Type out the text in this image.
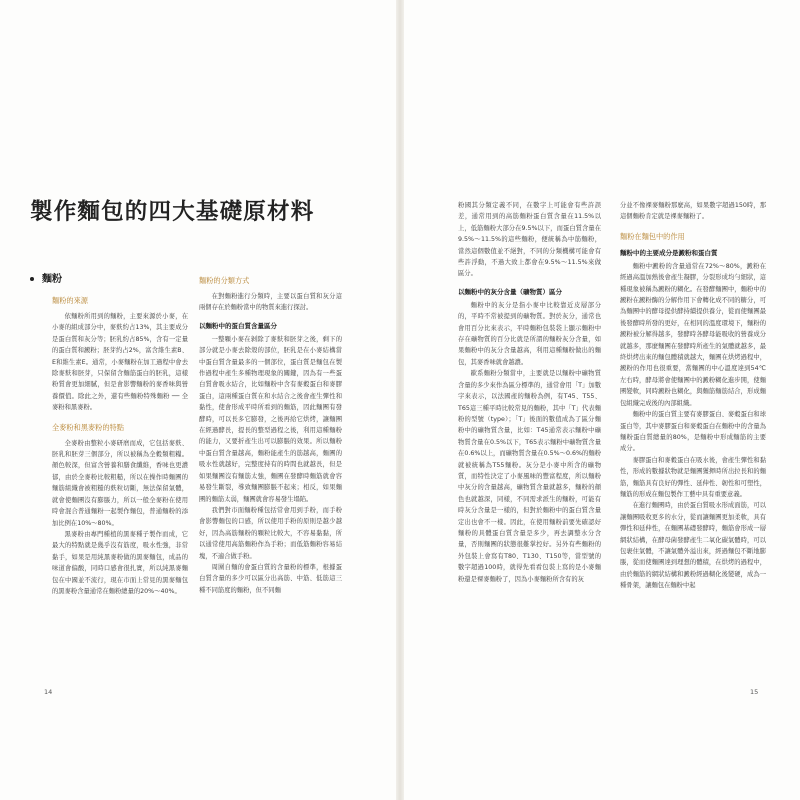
製作麵包的四大基礎原材料
麵粉
麵粉的來源

依麵粉所用到的麵粉，主要來源於小麥，在小麥的組成部分中，麥麩約占13%，其主要成分是蛋白質和灰分等；胚乳約占85%，含有一定量的蛋白質和澱粉；胚芽約占2%，富含維生素B、E和維生素E。通常，小麥麵粉在加工過程中會去除麥麩和胚芽，只保留含麵筋蛋白的胚乳，這樣粉質會更加細膩，但是會影響麵粉的麥香味與營養價值。除此之外，還有些麵粉特殊麵粉 ── 全麥粉和黑麥粉。

全麥粉和黑麥粉的特點

全麥粉由整粒小麥研磨而成，它包括麥麩、胚乳和胚芽三個部分，所以被稱為全穀類粗糧。顏色較深，但富含營養和膳食纖維，香味也更濃郁，由於全麥粉比較粗糙，所以在操作時麵團的麵筋組織會被粗糙的麩粒切斷，無法保留氣體，就會使麵團沒有膨脹力，所以一般全麥粉在使用時會混合普通麵粉一起製作麵包，普通麵粉的添加比例在10%～80%。

黑麥粉由專門種植的黑麥種子製作而成，它最大的特點就是幾乎沒有筋度，吸水性強，非常黏手，如果是用純黑麥粉做的黑麥麵包，成品的味道會偏酸，同時口感會很扎實，所以純黑麥麵包在中國並不流行，現在市面上常見的黑麥麵包的黑麥粉含量通常在麵粉總量的20%～40%。

麵粉的分類方式

在對麵粉進行分類時，主要以蛋白質和灰分這兩個存在於麵粉當中的物質來進行探討。

以麵粉中的蛋白質含量區分

一整顆小麥在剝除了麥麩和胚芽之後，剩下的部分就是小麥去除殼的部位，胚乳是在小麥結構當中蛋白質含量最多的一個部位，蛋白質是麵包在製作過程中產生多種物理現象的關鍵，因為有一些蛋白質會吸水結合，比如麵粉中含有麥穀蛋白和麥膠蛋白，這兩種蛋白質在和水結合之後會產生彈性和黏性，使會形成平時所看到的麵筋，因此麵團有發酵時，可以長多它膨發，之後再給它烘烤，讓麵團在經過酵長，提長的整型過程之後，利用這種麵粉的能力，又要折產生出可以膨脹的效果。所以麵粉中蛋白質含量越高，麵粉能產生的筋越高，麵團的吸水性就越好，完整度持有的時間也就越長，但是如果麵團沒有麵筋太強，麵團在發酵時麵筋就會容易發生斷裂，導致麵團膨脹不起來；相反，如果麵團的麵筋太弱，麵團就會容易發生塌陷。

我們對市面麵粉種包括常會用到手粉，而手粉會影響麵包的口感，所以使用手粉的原則是越少越好，因為高筋麵粉的顆粒比較大，不容易黏黏，所以通常使用高筋麵粉作為手粉；而低筋麵粉容易結塊，不適合做手粉。

周圍自麵的會蛋白質的含量粉的標準，根據蛋白質含量的多少可以區分出高筋、中筋、低筋這三種不同筋度的麵粉，但不同麵

14

粉國其分類定義不同，在數字上可能會有些許誤差，通常用到的高筋麵粉蛋白質含量在11.5%以上，低筋麵粉大部分在9.5%以下，而蛋白質含量在9.5%～11.5%的這些麵粉，便統稱為中筋麵粉，當然這個數值並不絕對，不同的分類機構可能會有些許浮動，不過大致上都會在9.5%～11.5%來做區分。

以麵粉中的灰分含量（礦物質）區分

麵粉中的灰分是指小麥中比較靠近皮層部分的，平時不常被提到的礦物質。對於灰分，通常也會用百分比來表示，平時麵粉包裝袋上顯示麵粉中存在礦物質的百分比就是所謂的麵粉灰分含量，如果麵粉中的灰分含量越高，利用這種麵粉做出的麵包，其麥香味就會越濃。

歐系麵粉分類當中，主要就是以麵粉中礦物質含量的多少來作為區分標準的，通常會用「T」加數字來表示，以法國產的麵粉為例，有T45、T55、T65這三種平時比較常見的麵粉，其中「T」代表麵粉的型號（type）；「T」後面的數值成為了區分麵粉中的礦物質含量，比如：T45通常表示麵粉中礦物質含量在0.5%以下，T65表示麵粉中礦物質含量在0.6%以上，而礦物質含量在0.5%～0.6%的麵粉就被統稱為T55麵粉。灰分是小麥中所含的礦物質，而特性決定了小麥風味的豐富程度，所以麵粉中灰分的含量越高，礦物質含量就越多，麵粉的顏色也就越深，同樣，不同需求派生的麵粉，可能有時灰分含量是一樣的，但對於麵粉中的蛋白質含量定出也會不一樣。因此，在使用麵粉前要先確認好麵粉的具體蛋白質含量是多少，再去調整水分含量，否則麵團的狀態很難掌控好。另外有些麵粉的外包裝上會寫有T80、T130、T150等，當型號的數字超過100時，就得先看看包裝上寫的是小麥麵粉還是裸麥麵粉了，因為小麥麵粉所含有的灰

分並不像裸麥麵粉那麼高，如果數字超過150時，那這個麵粉肯定就是裸麥麵粉了。

麵粉在麵包中的作用
麵粉中的主要成分是澱粉和蛋白質

麵粉中澱粉的含量通常在72%～80%，澱粉在經過高溫加熱後會產生凝膠，分裂形成均勻細狀，這種現象被稱為澱粉的糊化。在發酵麵團中，麵粉中的澱粉在澱粉酶的分解作用下會轉化成不同的糖分，可為麵團中的酵母提供酵持續提供養分，從而使麵團最後發酵時所發的更好，在相同的溫度環境下，麵粉的澱粉被分解得越多，發酵時各酵母能吸收的營養成分就越多，那麼麵團在發酵時所產生的氣體就越多，最終烘烤出來的麵包體積就越大，麵團在烘烤過程中，澱粉的作用也很重要，當麵團的中心溫度達到54℃左右時，酵母將會使麵團中的澱粉糊化進步開，使麵團變軟，同時澱粉也糊化，與麵筋麵筋結合，形成麵包組織完成後的內部組織。

麵粉中的蛋白質主要有麥膠蛋白、麥穀蛋白和球蛋白等，其中麥膠蛋白和麥穀蛋白在麵粉中的含量為麵粉蛋白質總量的80%，是麵粉中形成麵筋的主要成分。

麥膠蛋白和麥穀蛋白在吸水後，會產生彈性和黏性，形成的數據狀物就是麵團獲揮時所出拉長和的麵筋，麵筋具有良好的彈性、延伸性、韌性和可塑性，麵筋的形成在麵包製作工藝中具有重要意義。

在進行麵團時，由於蛋白質吸水形成面筋，可以讓麵團吸收更多的水分，從而讓麵團更加柔軟，具有彈性和延伸性，在麵團基礎發酵時，麵筋會形成一層網狀結構，在酵母菌發酵產生二氧化碳氣體時，可以包裹住氣體，不讓氣體外溢出來，經過麵包不斷地膨脹，從而使麵團達到理想的體積，在烘烤的過程中，由於麵筋的網狀結構和澱粉經過糊化後變硬，成為一種骨架，讓麵包在麵粉中起

15
